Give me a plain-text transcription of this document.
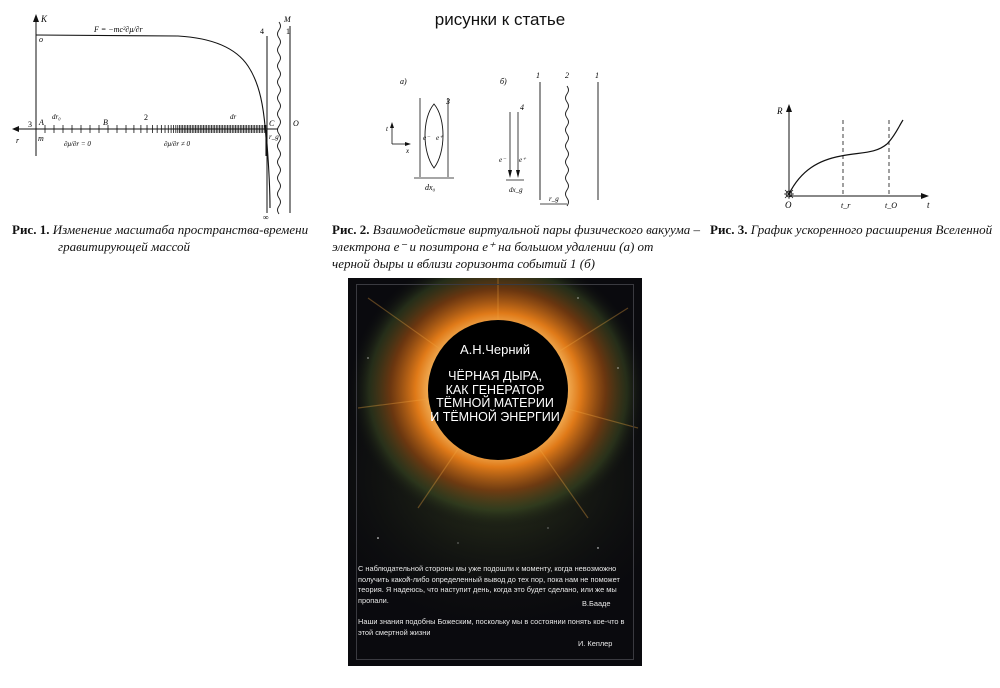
рисунки к статье
K
o
F = −mc²∂μ/∂r	4
M
1
3
r
A
m
dr₀
B
2	dr
C O
r_g
∂μ/∂r = 0	∂μ/∂r ≠ 0
∞
Рис. 1. Изменение масштаба пространства-времени
гравитирующей массой
a)	б)
t
x
3
e⁻ e⁺
dx₀
4
e⁻ e⁺
dx_g
1	2	1
r_g
Рис. 2. Взаимодействие виртуальной пары физического вакуума –
электрона e⁻ и позитрона e⁺ на большом удалении (a) от
черной дыры и вблизи горизонта событий 1 (б)
R
t
O	t_r	t_O
Рис. 3. График ускоренного расширения Вселенной
А.Н.Черний
ЧЁРНАЯ ДЫРА,
КАК ГЕНЕРАТОР
ТЁМНОЙ МАТЕРИИ
И ТЁМНОЙ ЭНЕРГИИ
С наблюдательной стороны мы уже подошли к моменту, когда невозможно получить какой-либо определенный вывод до тех пор, пока нам не поможет теория. Я надеюсь, что наступит день, когда это будет сделано, или же мы пропали.	В.Бааде
Наши знания подобны Божеским, поскольку мы в состоянии понять кое-что в этой смертной жизни
И. Кеплер
